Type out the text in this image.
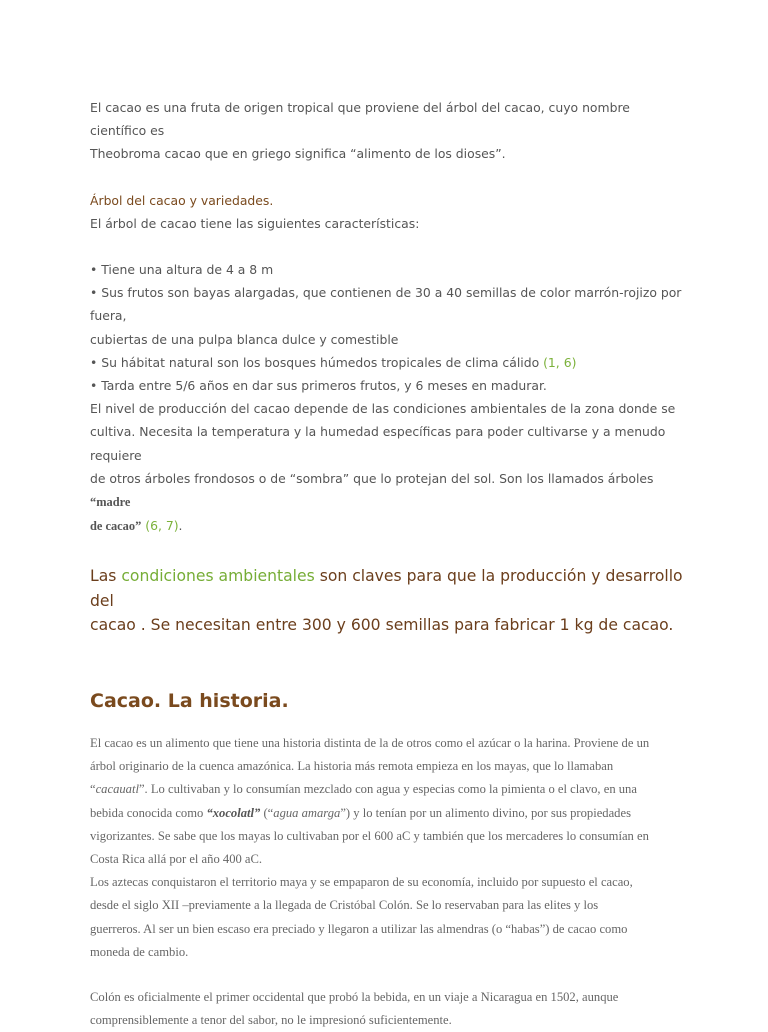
El cacao es una fruta de origen tropical que proviene del árbol del cacao, cuyo nombre científico es

Theobroma cacao que en griego significa “alimento de los dioses”.

Árbol del cacao y variedades.

El árbol de cacao tiene las siguientes características:

• Tiene una altura de 4 a 8 m

• Sus frutos son bayas alargadas, que contienen de 30 a 40 semillas de color marrón-rojizo por fuera,

cubiertas de una pulpa blanca dulce y comestible

• Su hábitat natural son los bosques húmedos tropicales de clima cálido (1, 6)

• Tarda entre 5/6 años en dar sus primeros frutos, y 6 meses en madurar.

El nivel de producción del cacao depende de las condiciones ambientales de la zona donde se

cultiva. Necesita la temperatura y la humedad específicas para poder cultivarse y a menudo requiere

de otros árboles frondosos o de “sombra” que lo protejan del sol. Son los llamados árboles “madre

de cacao” (6, 7).

Las condiciones ambientales son claves para que la producción y desarrollo del

cacao . Se necesitan entre 300 y 600 semillas para fabricar 1 kg de cacao.

Cacao. La historia.

El cacao es un alimento que tiene una historia distinta de la de otros como el azúcar o la harina. Proviene de un

árbol originario de la cuenca amazónica. La historia más remota empieza en los mayas, que lo llamaban

“cacauatl”. Lo cultivaban y lo consumían mezclado con agua y especias como la pimienta o el clavo, en una

bebida conocida como “xocolatl” (“agua amarga”) y lo tenían por un alimento divino, por sus propiedades

vigorizantes. Se sabe que los mayas lo cultivaban por el 600 aC y también que los mercaderes lo consumían en

Costa Rica allá por el año 400 aC.

Los aztecas conquistaron el territorio maya y se empaparon de su economía, incluido por supuesto el cacao,

desde el siglo XII –previamente a la llegada de Cristóbal Colón. Se lo reservaban para las elites y los

guerreros. Al ser un bien escaso era preciado y llegaron a utilizar las almendras (o “habas”) de cacao como

moneda de cambio.

Colón es oficialmente el primer occidental que probó la bebida, en un viaje a Nicaragua en 1502, aunque

comprensiblemente a tenor del sabor, no le impresionó suficientemente.
